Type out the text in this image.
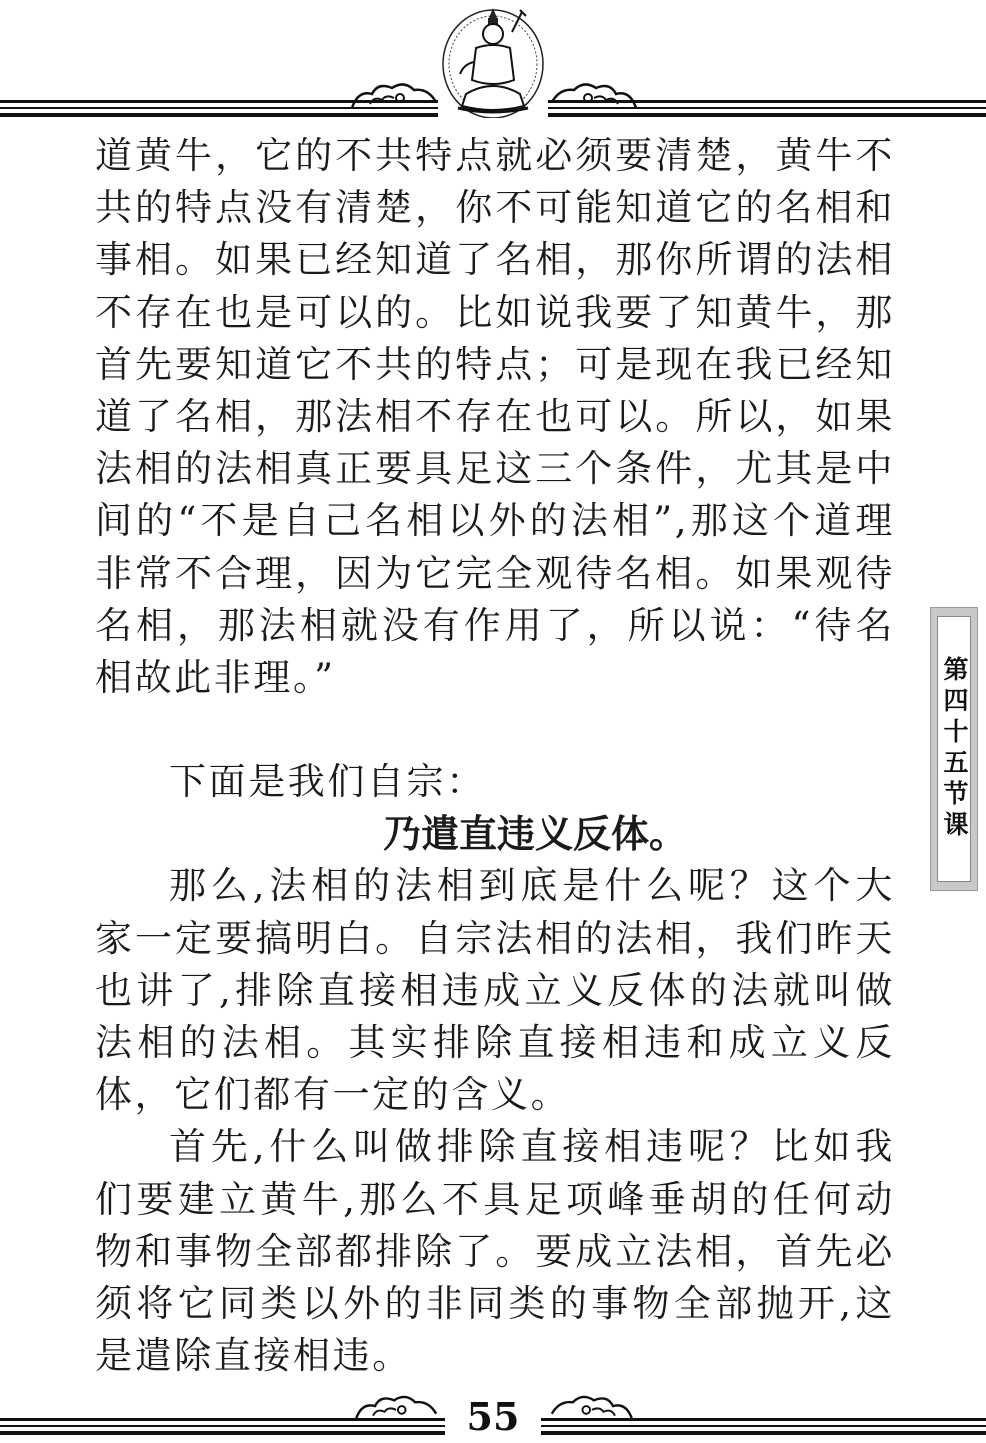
道黄牛，它的不共特点就必须要清楚，黄牛不共的特点没有清楚，你不可能知道它的名相和事相。如果已经知道了名相，那你所谓的法相不存在也是可以的。比如说我要了知黄牛，那首先要知道它不共的特点；可是现在我已经知道了名相，那法相不存在也可以。所以，如果法相的法相真正要具足这三个条件，尤其是中间的“不是自己名相以外的法相”,那这个道理非常不合理，因为它完全观待名相。如果观待名相，那法相就没有作用了，所以说：“待名相故此非理。”

下面是我们自宗：

乃遣直违义反体。

那么,法相的法相到底是什么呢？这个大家一定要搞明白。自宗法相的法相，我们昨天也讲了,排除直接相违成立义反体的法就叫做法相的法相。其实排除直接相违和成立义反体，它们都有一定的含义。

首先,什么叫做排除直接相违呢？比如我们要建立黄牛,那么不具足项峰垂胡的任何动物和事物全部都排除了。要成立法相，首先必须将它同类以外的非同类的事物全部抛开,这是遣除直接相违。

第四十五节课
55
